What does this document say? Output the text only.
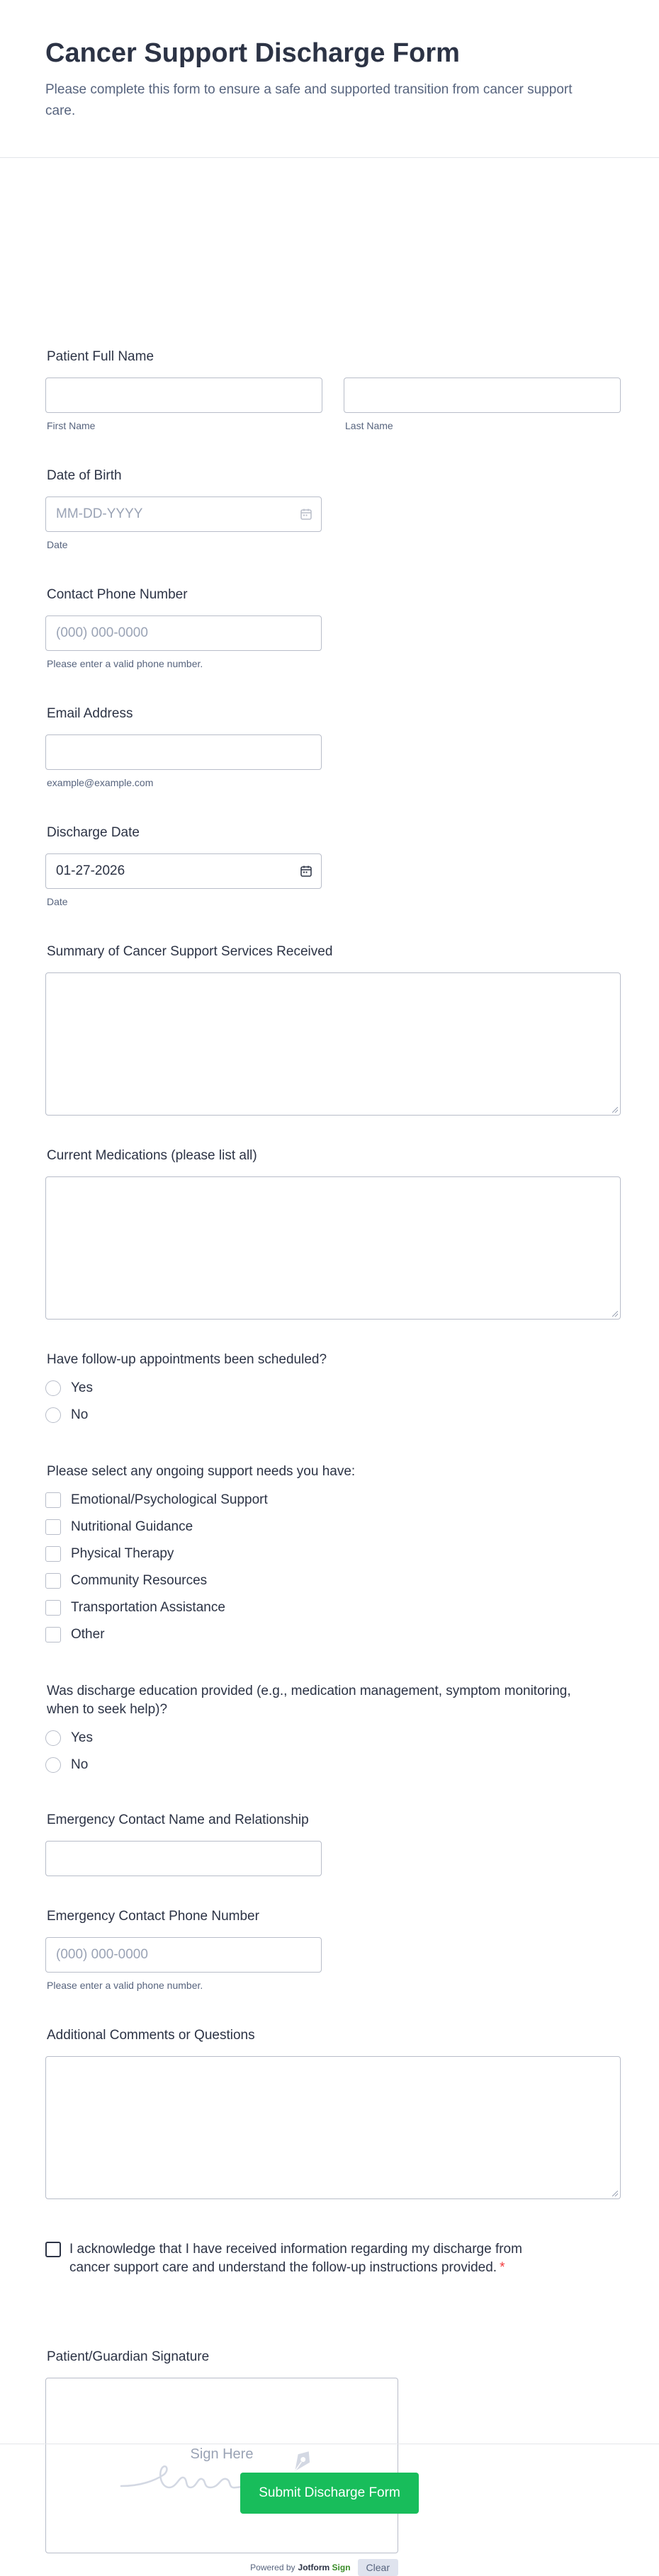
Cancer Support Discharge Form

Please complete this form to ensure a safe and supported transition from cancer support care.

Patient Full Name
First Name	Last Name
Date of Birth
MM-DD-YYYY
Date
Contact Phone Number
(000) 000-0000
Please enter a valid phone number.
Email Address
example@example.com
Discharge Date
01-27-2026
Date
Summary of Cancer Support Services Received
Current Medications (please list all)
Have follow-up appointments been scheduled?
Yes
No
Please select any ongoing support needs you have:
Emotional/Psychological Support
Nutritional Guidance
Physical Therapy
Community Resources
Transportation Assistance
Other
Was discharge education provided (e.g., medication management, symptom monitoring, when to seek help)?
Yes
No
Emergency Contact Name and Relationship
Emergency Contact Phone Number
(000) 000-0000
Please enter a valid phone number.
Additional Comments or Questions
I acknowledge that I have received information regarding my discharge from cancer support care and understand the follow-up instructions provided. *
Patient/Guardian Signature
Sign Here
Powered by Jotform Sign	Clear
Submit Discharge Form
